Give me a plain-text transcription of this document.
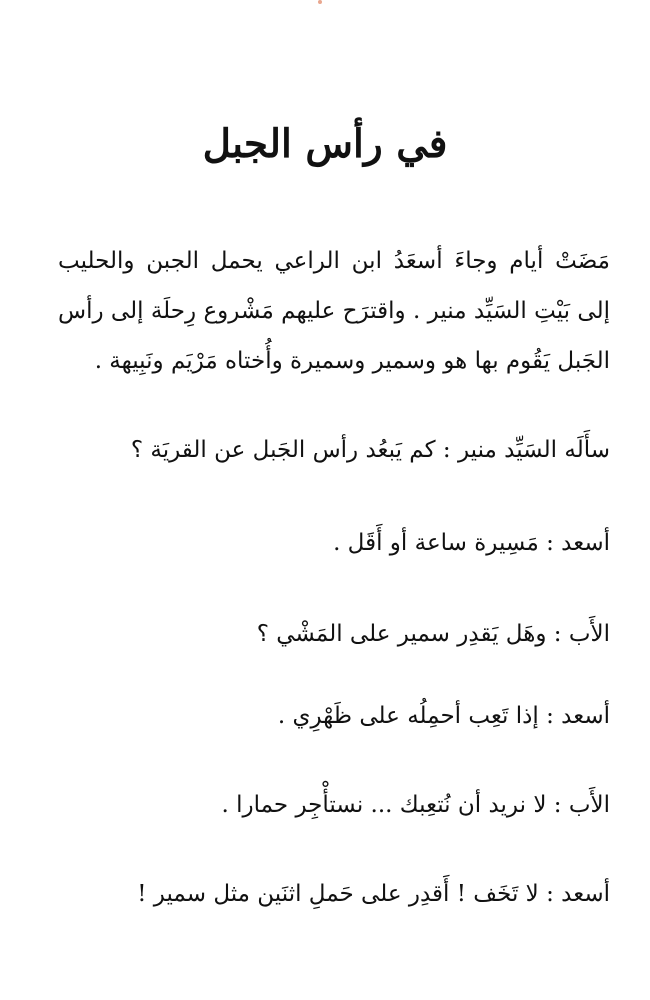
في رأس الجبل
مَضَتْ أيام وجاءَ أسعَدُ ابن الراعي يحمل الجبن والحليب
إلى بَيْتِ السَيِّد منير . واقترَح عليهم مَشْروع رِحلَة إلى رأس
الجَبل يَقُوم بها هو وسمير وسميرة وأُختاه مَرْيَم ونَبِيهة .

سأَلَه السَيِّد منير : كم يَبعُد رأس الجَبل عن القريَة ؟

أسعد : مَسِيرة ساعة أو أَقَل .

الأَب : وهَل يَقدِر سمير على المَشْي ؟

أسعد : إذا تَعِب أحمِلُه على ظَهْرِي .

الأَب : لا نريد أن نُتعِبك ... نستأْجِر حمارا .

أسعد : لا تَخَف ! أَقدِر على حَملِ اثنَين مثل سمير !
